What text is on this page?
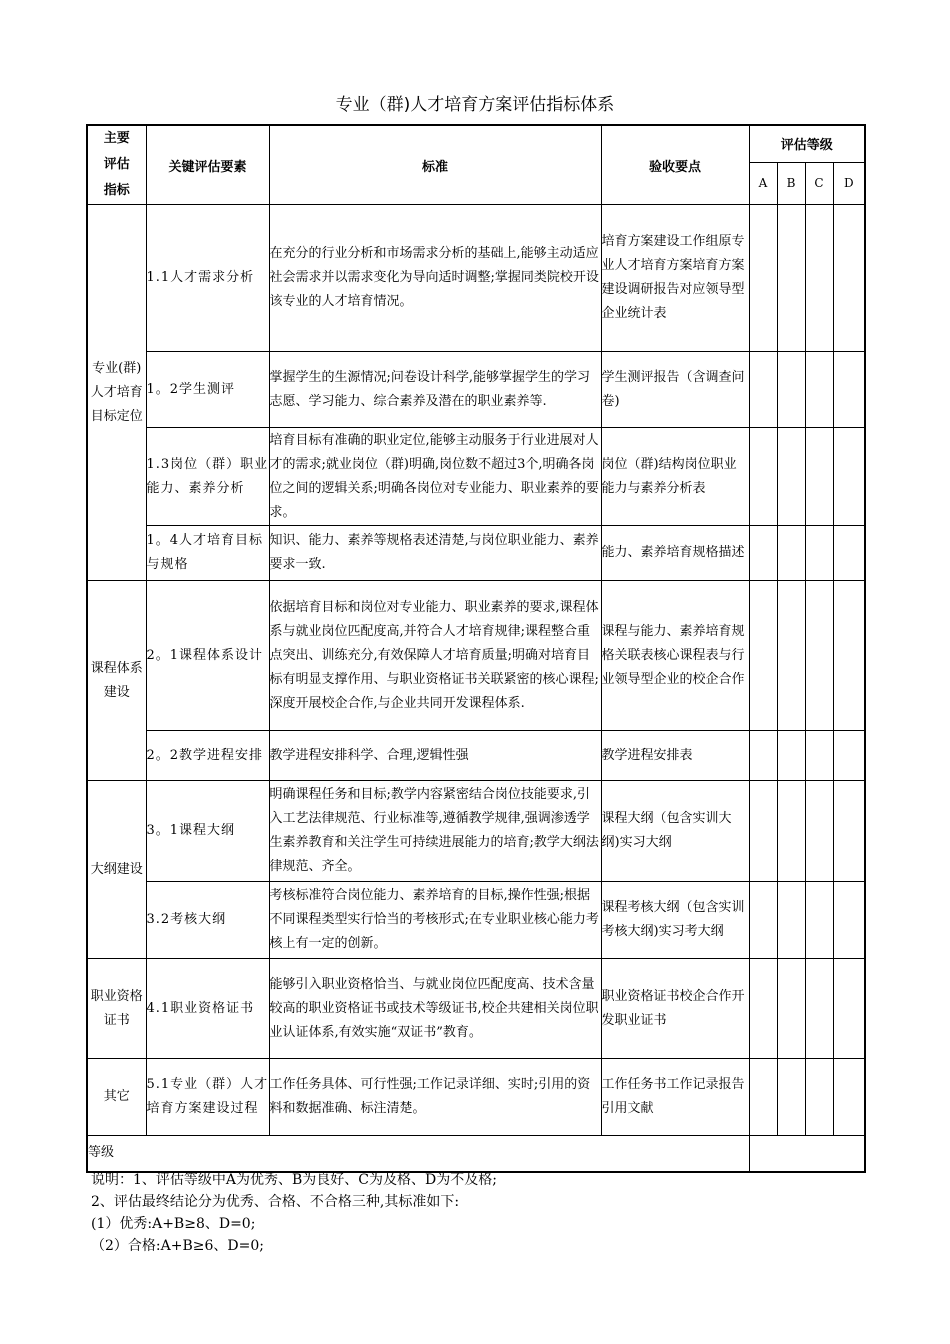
专业（群)人才培育方案评估指标体系
主要评估指标	关键评估要素	标准	验收要点	评估等级			
				A	B	C	D
专业(群)人才培育目标定位	1.1人才需求分析	在充分的行业分析和市场需求分析的基础上,能够主动适应社会需求并以需求变化为导向适时调整;掌握同类院校开设该专业的人才培育情况。	培育方案建设工作组原专业人才培育方案培育方案建设调研报告对应领导型企业统计表				
	1。2学生测评	掌握学生的生源情况;问卷设计科学,能够掌握学生的学习志愿、学习能力、综合素养及潜在的职业素养等.	学生测评报告（含调查问卷)				
	1.3岗位（群）职业能力、素养分析	培育目标有准确的职业定位,能够主动服务于行业进展对人才的需求;就业岗位（群)明确,岗位数不超过3个,明确各岗位之间的逻辑关系;明确各岗位对专业能力、职业素养的要求。	岗位（群)结构岗位职业能力与素养分析表				
	1。4人才培育目标与规格	知识、能力、素养等规格表述清楚,与岗位职业能力、素养要求一致.	能力、素养培育规格描述				
课程体系建设	2。1课程体系设计	依据培育目标和岗位对专业能力、职业素养的要求,课程体系与就业岗位匹配度高,并符合人才培育规律;课程整合重点突出、训练充分,有效保障人才培育质量;明确对培育目标有明显支撑作用、与职业资格证书关联紧密的核心课程;深度开展校企合作,与企业共同开发课程体系.	课程与能力、素养培育规格关联表核心课程表与行业领导型企业的校企合作				
	2。2教学进程安排	教学进程安排科学、合理,逻辑性强	教学进程安排表				
大纲建设	3。1课程大纲	明确课程任务和目标;教学内容紧密结合岗位技能要求,引入工艺法律规范、行业标准等,遵循教学规律,强调渗透学生素养教育和关注学生可持续进展能力的培育;教学大纲法律规范、齐全。	课程大纲（包含实训大纲)实习大纲				
	3.2考核大纲	考核标准符合岗位能力、素养培育的目标,操作性强;根据不同课程类型实行恰当的考核形式;在专业职业核心能力考核上有一定的创新。	课程考核大纲（包含实训考核大纲)实习考大纲				
职业资格证书	4.1职业资格证书	能够引入职业资格恰当、与就业岗位匹配度高、技术含量较高的职业资格证书或技术等级证书,校企共建相关岗位职业认证体系,有效实施“双证书”教育。	职业资格证书校企合作开发职业证书				
其它	5.1专业（群）人才培育方案建设过程	工作任务具体、可行性强;工作记录详细、实时;引用的资料和数据准确、标注清楚。	工作任务书工作记录报告引用文献				
等级							
说明：1、评估等级中A为优秀、B为良好、C为及格、D为不及格;
2、评估最终结论分为优秀、合格、不合格三种,其标准如下:
(1）优秀:A+B≥8、D=0;
（2）合格:A+B≥6、D=0;
